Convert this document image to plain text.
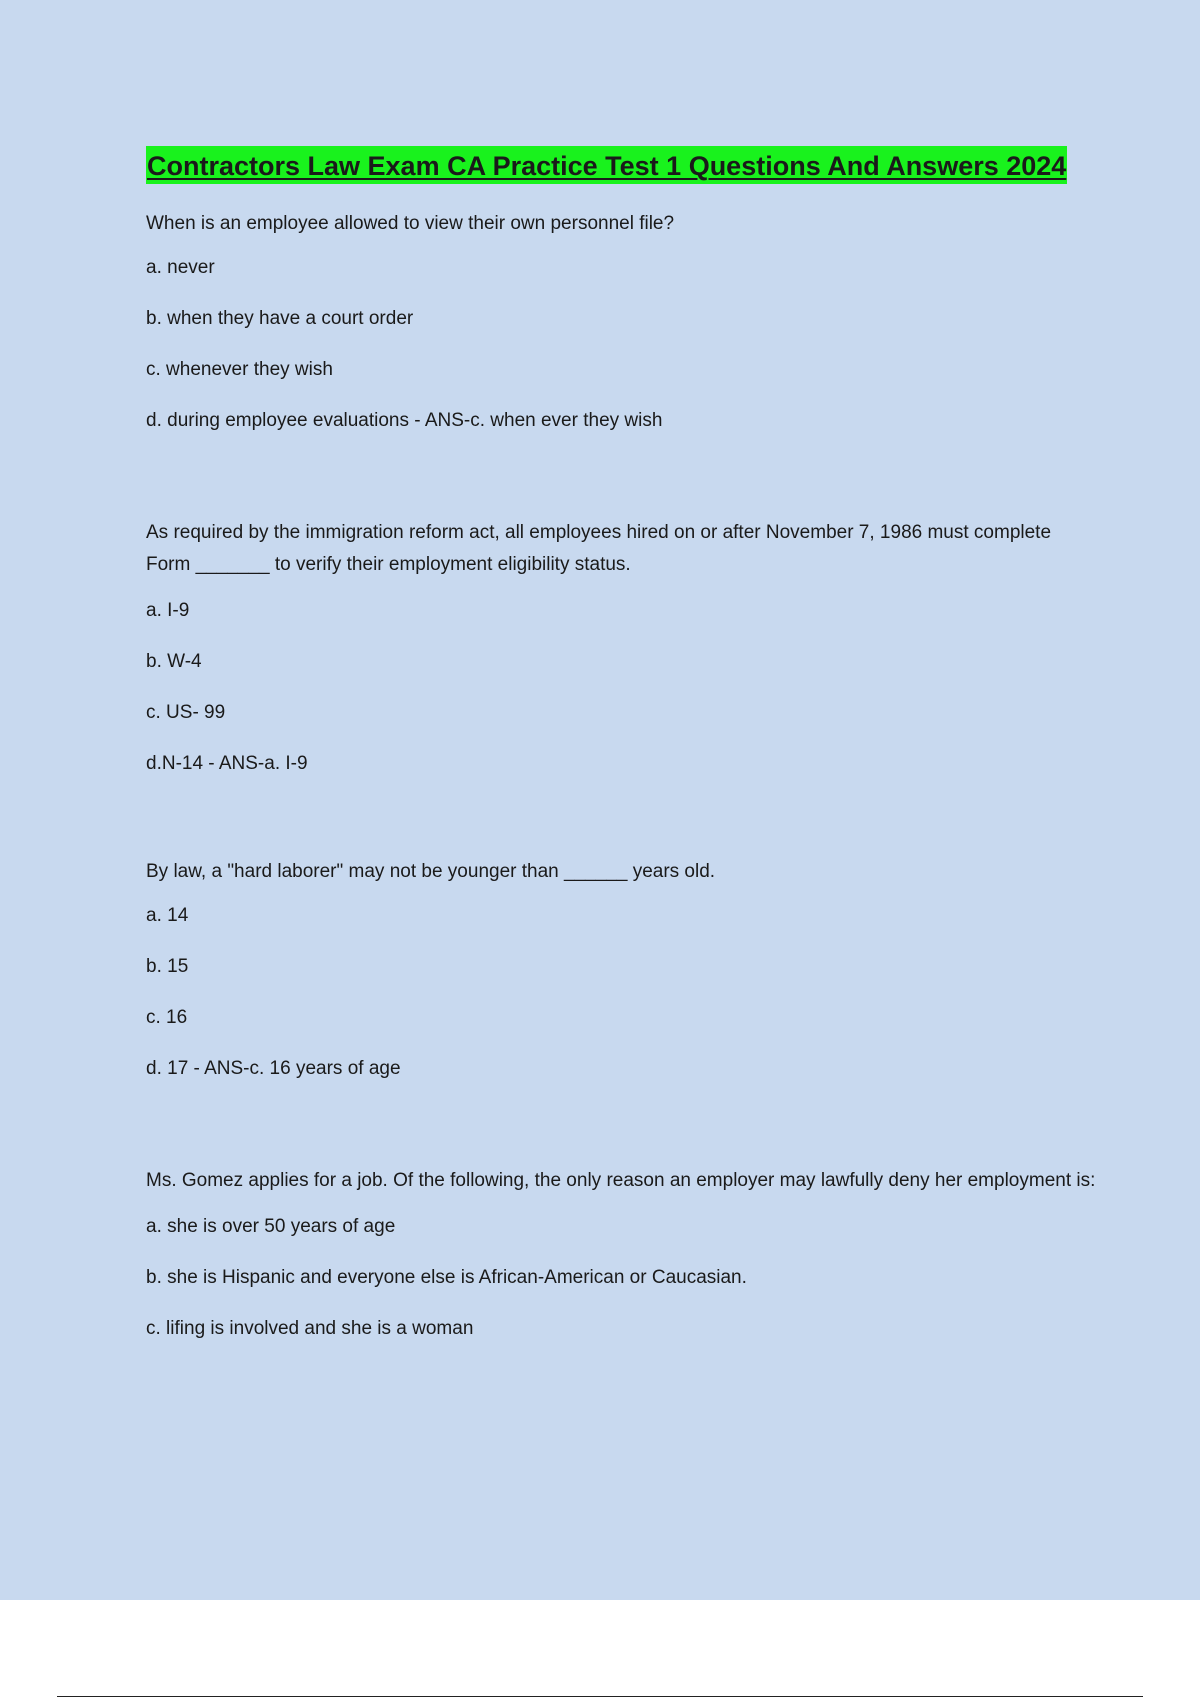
Contractors Law Exam CA Practice Test 1 Questions And Answers 2024

When is an employee allowed to view their own personnel file?

a. never

b. when they have a court order

c. whenever they wish

d. during employee evaluations - ANS-c. when ever they wish

As required by the immigration reform act, all employees hired on or after November 7, 1986 must complete Form _______ to verify their employment eligibility status.

a. I-9

b. W-4

c. US- 99

d.N-14 - ANS-a. I-9

By law, a "hard laborer" may not be younger than ______ years old.

a. 14

b. 15

c. 16

d. 17 - ANS-c. 16 years of age

Ms. Gomez applies for a job. Of the following, the only reason an employer may lawfully deny her employment is:

a. she is over 50 years of age

b. she is Hispanic and everyone else is African-American or Caucasian.

c. lifing is involved and she is a woman
